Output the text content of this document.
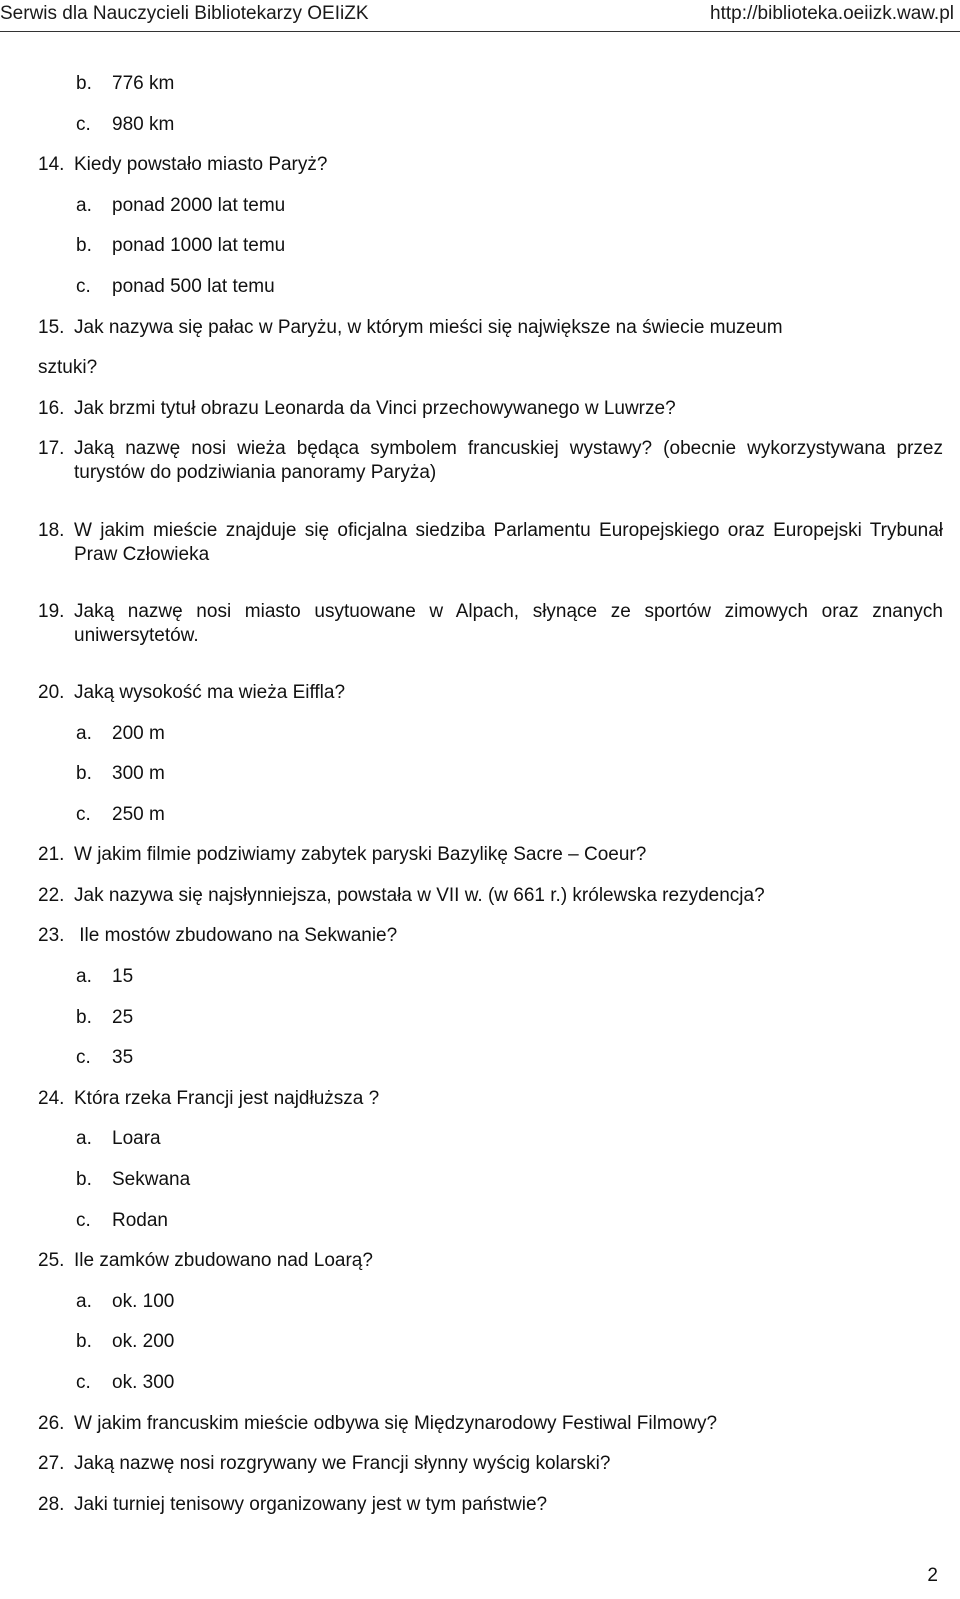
Serwis dla Nauczycieli Bibliotekarzy OEIiZK	http://biblioteka.oeiizk.waw.pl
b.	776 km
c.	980 km
14. Kiedy powstało miasto Paryż?
a.	ponad 2000 lat temu
b.	ponad 1000 lat temu
c.	ponad 500 lat temu
15. Jak nazywa się pałac w Paryżu, w którym mieści się największe na świecie muzeum
sztuki?
16. Jak brzmi tytuł obrazu Leonarda da Vinci przechowywanego w Luwrze?
17. Jaką nazwę nosi wieża będąca symbolem francuskiej wystawy? (obecnie wykorzystywana przez turystów do podziwiania panoramy Paryża)
18. W jakim mieście znajduje się oficjalna siedziba Parlamentu Europejskiego oraz Europejski Trybunał Praw Człowieka
19. Jaką nazwę nosi miasto usytuowane w Alpach, słynące ze sportów zimowych oraz znanych uniwersytetów.
20. Jaką wysokość ma wieża Eiffla?
a.	200 m
b.	300 m
c.	250 m
21. W jakim filmie podziwiamy zabytek paryski Bazylikę Sacre – Coeur?
22. Jak nazywa się najsłynniejsza, powstała w VII w. (w 661 r.) królewska rezydencja?
23. Ile mostów zbudowano na Sekwanie?
a.	15
b.	25
c.	35
24. Która rzeka Francji jest najdłuższa ?
a.	Loara
b.	Sekwana
c.	Rodan
25. Ile zamków zbudowano nad Loarą?
a.	ok. 100
b.	ok. 200
c.	ok. 300
26. W jakim francuskim mieście odbywa się Międzynarodowy Festiwal Filmowy?
27. Jaką nazwę nosi rozgrywany we Francji słynny wyścig kolarski?
28. Jaki turniej tenisowy organizowany jest w tym państwie?
2
